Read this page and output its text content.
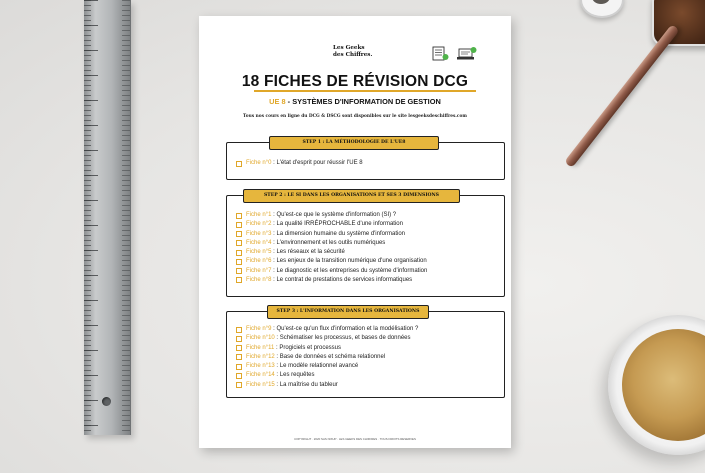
Les Geeks
des Chiffres.
18 FICHES DE RÉVISION DCG
UE 8 - SYSTÈMES D'INFORMATION DE GESTION
Tous nos cours en ligne du DCG & DSCG sont disponibles sur le site lesgeeksdeschiffres.com
STEP 1 : LA MÉTHODOLOGIE DE L'UE8
Fiche n°0 : L'état d'esprit pour réussir l'UE 8
STEP 2 : LE SI DANS LES ORGANISATIONS ET SES 3 DIMENSIONS
Fiche n°1 : Qu'est-ce que le système d'information (SI) ?
Fiche n°2 : La qualité IRRÉPROCHABLE d'une information
Fiche n°3 : La dimension humaine du système d'information
Fiche n°4 : L'environnement et les outils numériques
Fiche n°5 : Les réseaux et la sécurité
Fiche n°6 : Les enjeux de la transition numérique d'une organisation
Fiche n°7 : Le diagnostic et les entreprises du système d'information
Fiche n°8 : Le contrat de prestations de services informatiques
STEP 3 : L'INFORMATION DANS LES ORGANISATIONS
Fiche n°9 : Qu'est-ce qu'un flux d'information et la modélisation ?
Fiche n°10 : Schématiser les processus, et bases de données
Fiche n°11 : Progiciels et processus
Fiche n°12 : Base de données et schéma relationnel
Fiche n°13 : Le modèle relationnel avancé
Fiche n°14 : Les requêtes
Fiche n°15 : La maîtrise du tableur
COPYRIGHT · 2020 SAS NIXUP · LES GEEKS DES CHIFFRES · TOUS DROITS RESERVES
